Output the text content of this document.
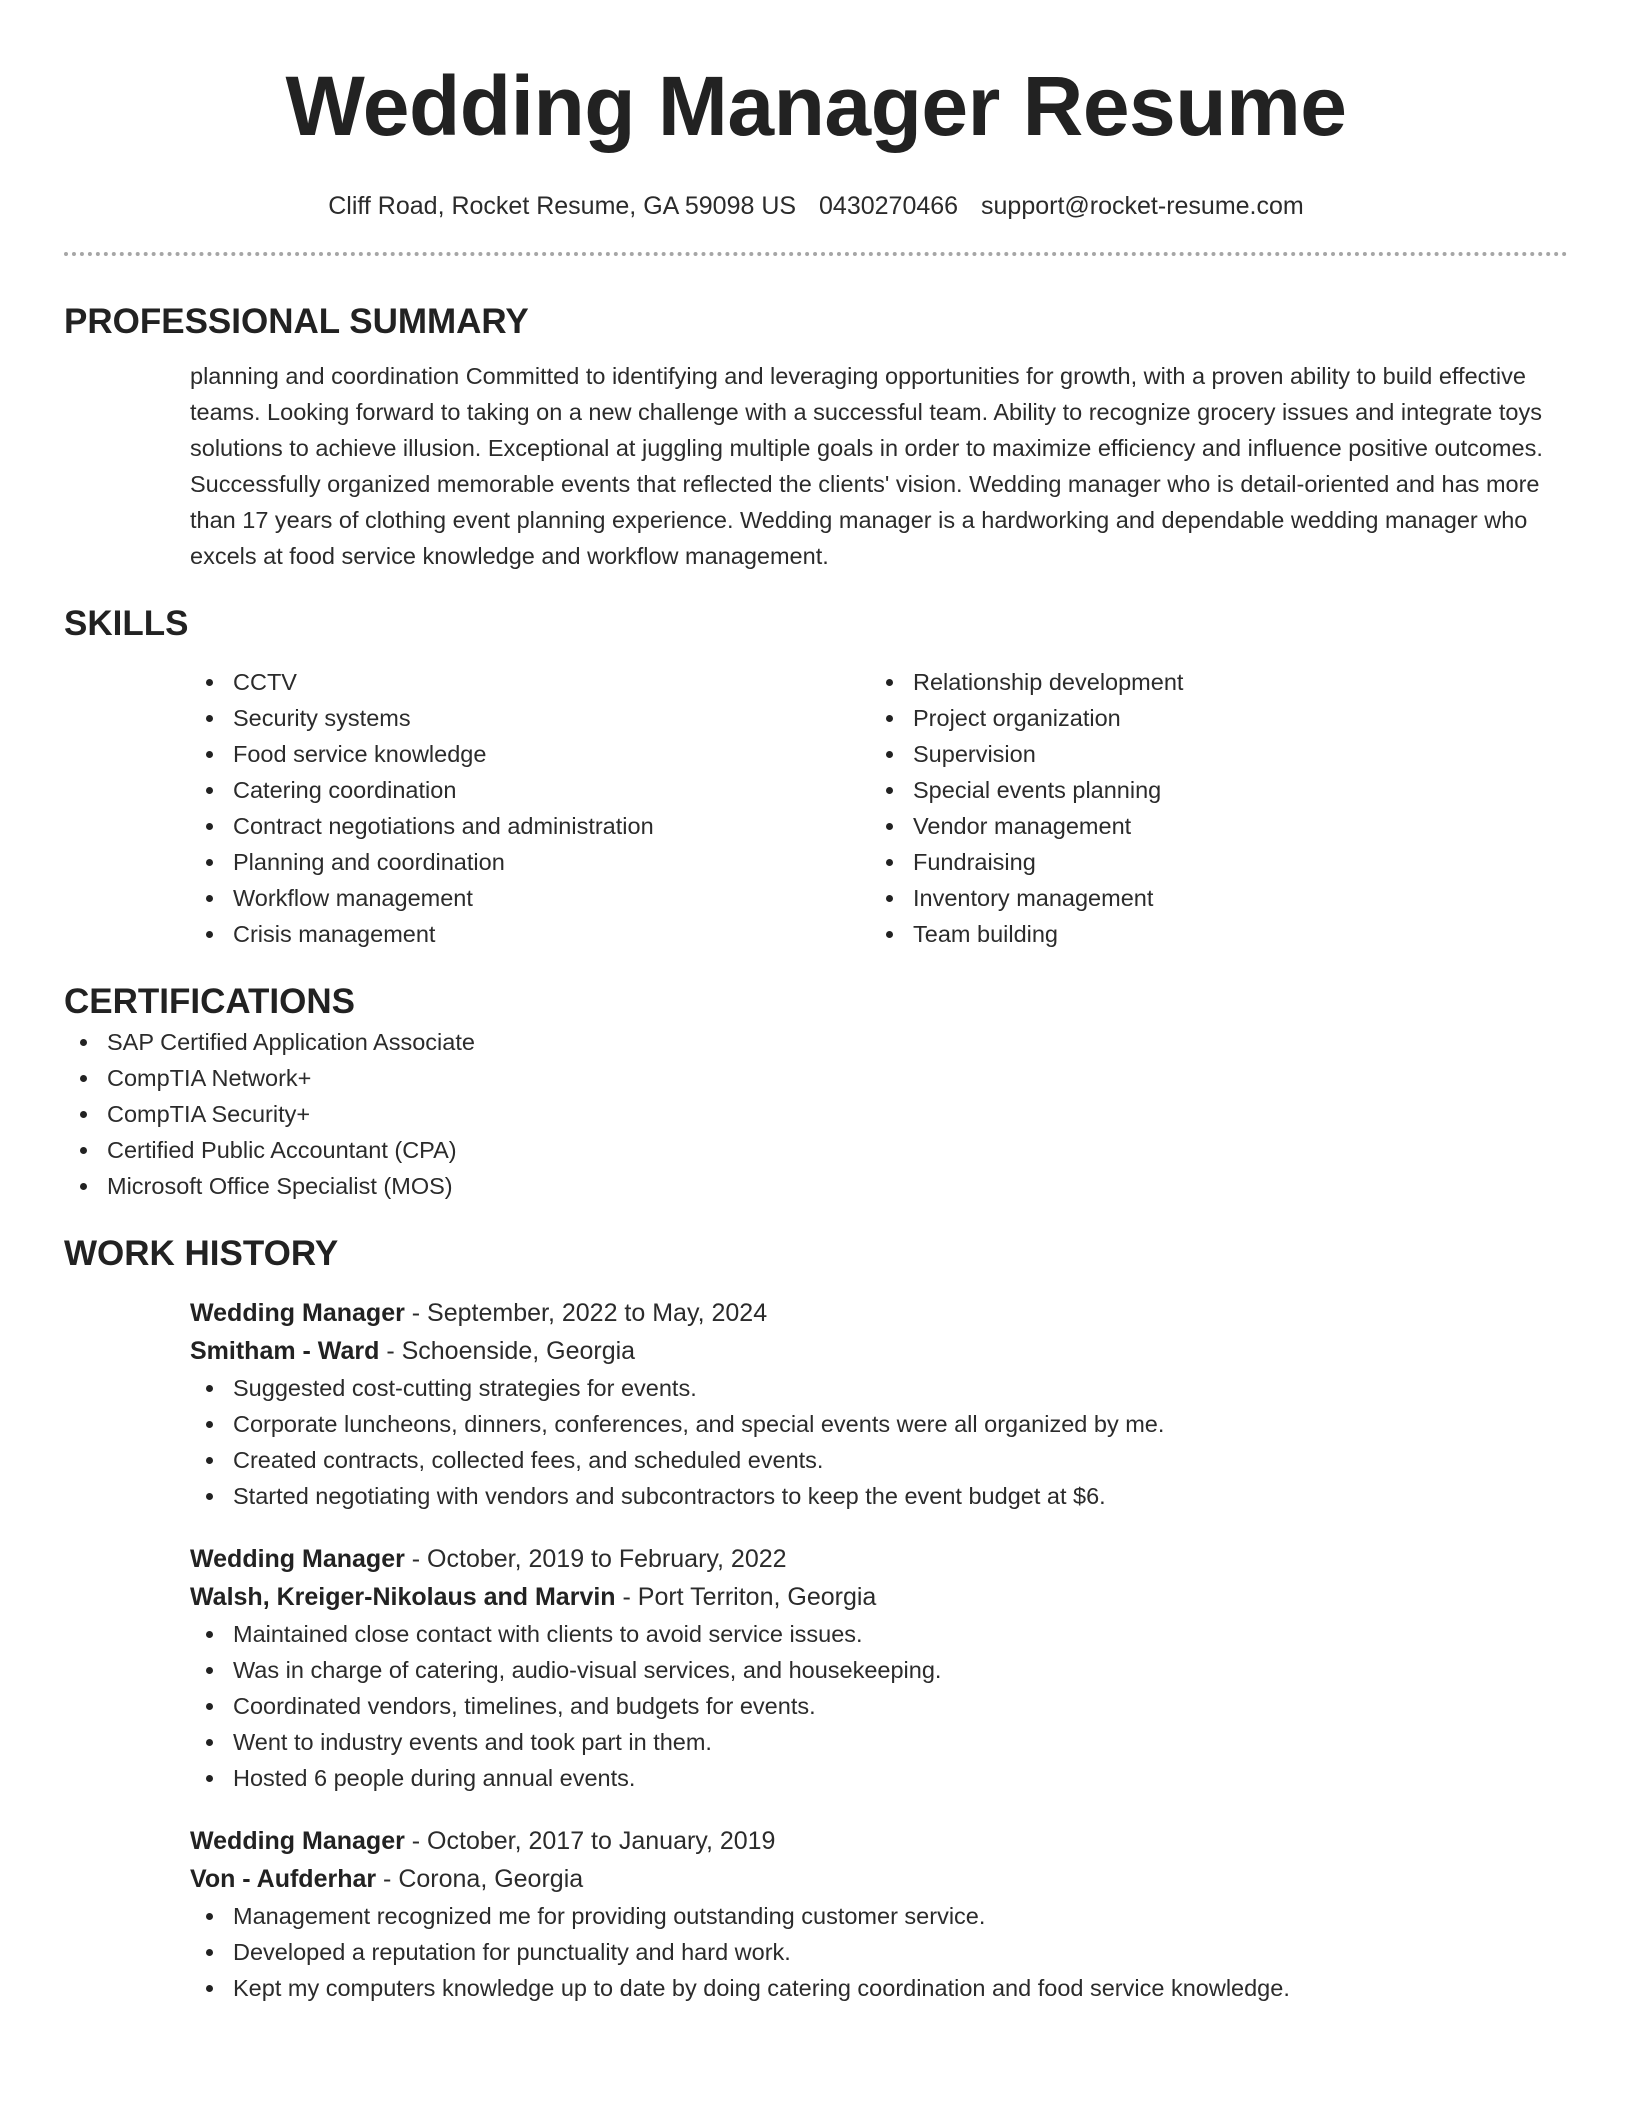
Wedding Manager Resume
Cliff Road, Rocket Resume, GA 59098 US 0430270466 support@rocket-resume.com
PROFESSIONAL SUMMARY

planning and coordination Committed to identifying and leveraging opportunities for growth, with a proven ability to build effective teams. Looking forward to taking on a new challenge with a successful team. Ability to recognize grocery issues and integrate toys solutions to achieve illusion. Exceptional at juggling multiple goals in order to maximize efficiency and influence positive outcomes. Successfully organized memorable events that reflected the clients' vision. Wedding manager who is detail-oriented and has more than 17 years of clothing event planning experience. Wedding manager is a hardworking and dependable wedding manager who excels at food service knowledge and workflow management.

SKILLS
CCTV
Security systems
Food service knowledge
Catering coordination
Contract negotiations and administration
Planning and coordination
Workflow management
Crisis management
Relationship development
Project organization
Supervision
Special events planning
Vendor management
Fundraising
Inventory management
Team building
CERTIFICATIONS
SAP Certified Application Associate
CompTIA Network+
CompTIA Security+
Certified Public Accountant (CPA)
Microsoft Office Specialist (MOS)
WORK HISTORY
Wedding Manager - September, 2022 to May, 2024
Smitham - Ward - Schoenside, Georgia
Suggested cost-cutting strategies for events.
Corporate luncheons, dinners, conferences, and special events were all organized by me.
Created contracts, collected fees, and scheduled events.
Started negotiating with vendors and subcontractors to keep the event budget at $6.
Wedding Manager - October, 2019 to February, 2022
Walsh, Kreiger-Nikolaus and Marvin - Port Territon, Georgia
Maintained close contact with clients to avoid service issues.
Was in charge of catering, audio-visual services, and housekeeping.
Coordinated vendors, timelines, and budgets for events.
Went to industry events and took part in them.
Hosted 6 people during annual events.
Wedding Manager - October, 2017 to January, 2019
Von - Aufderhar - Corona, Georgia
Management recognized me for providing outstanding customer service.
Developed a reputation for punctuality and hard work.
Kept my computers knowledge up to date by doing catering coordination and food service knowledge.
